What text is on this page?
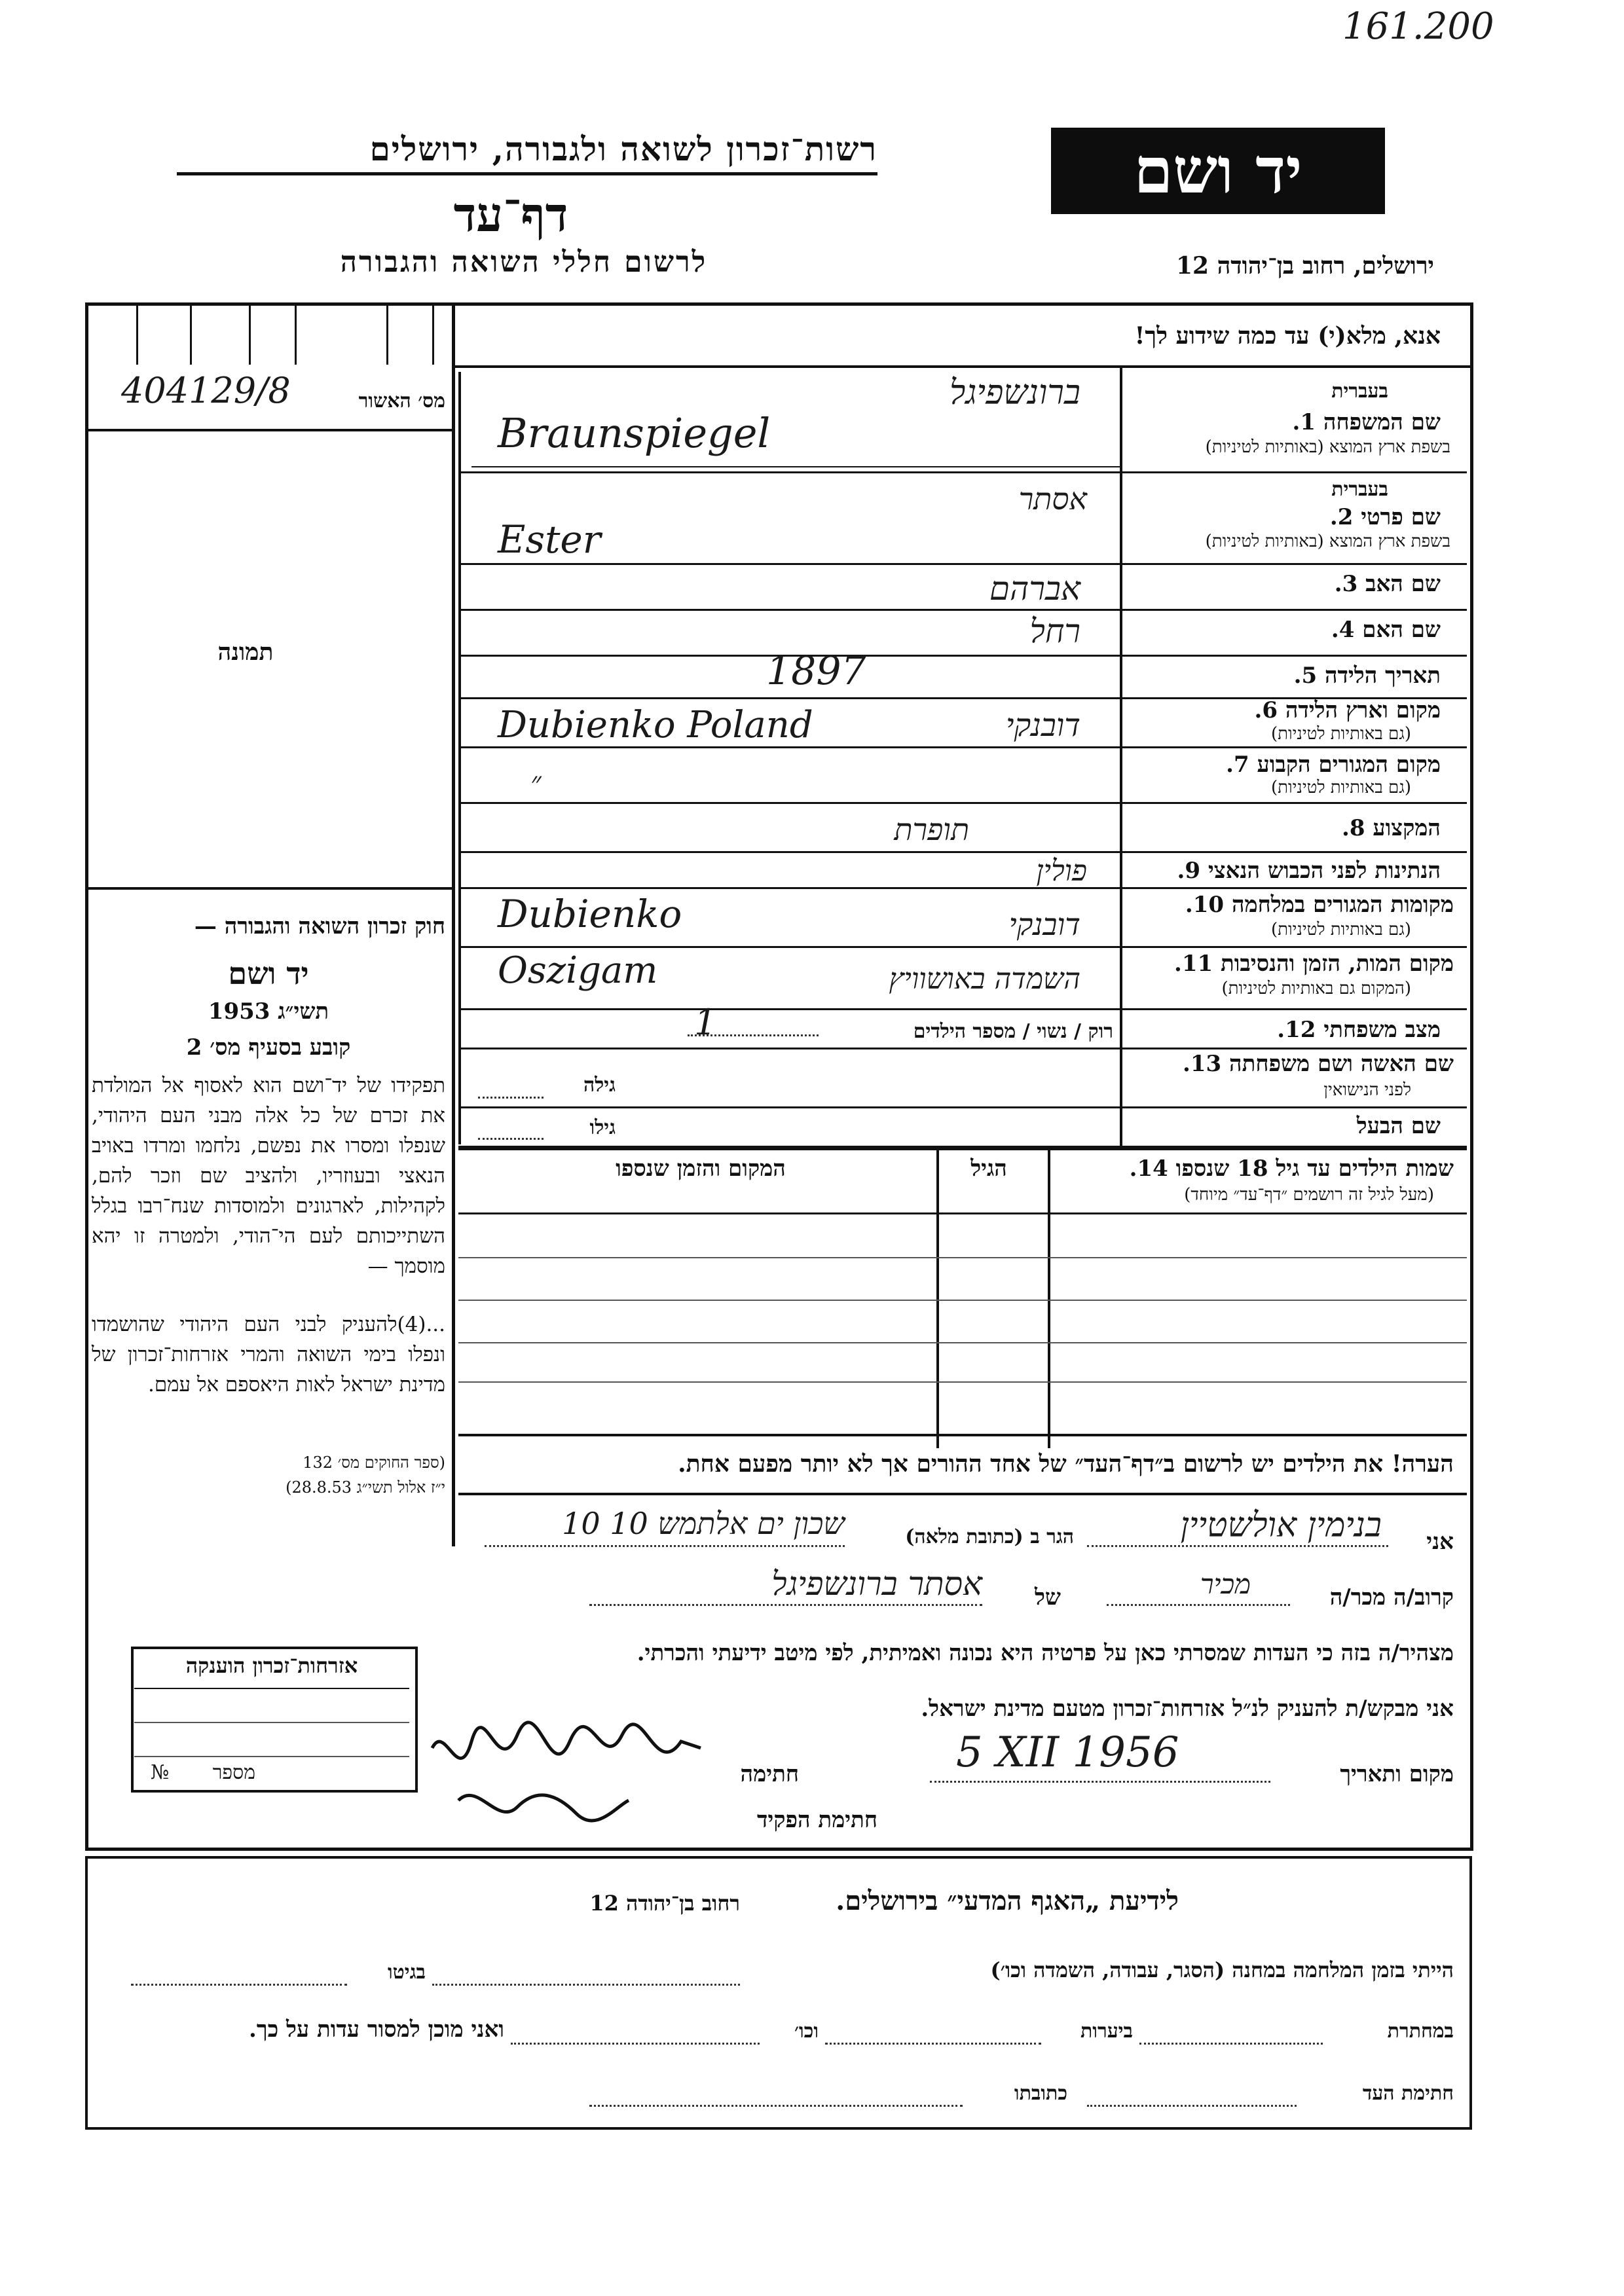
161.200
רשות־זכרון לשואה ולגבורה, ירושלים
דף־עד
לרשום חללי השואה והגבורה
יד ושם
ירושלים, רחוב בן־יהודה 12
אנא, מלא(י) עד כמה שידוע לך!
מס׳ האשור
404129/8
תמונה
חוק זכרון השואה והגבורה —
יד ושם
תשי״ג 1953
קובע בסעיף מס׳ 2
תפקידו של יד־ושם הוא לאסוף אל המולדת את זכרם של כל אלה מבני העם היהודי, שנפלו ומסרו את נפשם, נלחמו ומרדו באויב הנאצי ובעוזריו, ולהציב שם וזכר להם, לקהילות, לארגונים ולמוסדות שנח־רבו בגלל השתייכותם לעם הי־הודי, ולמטרה זו יהא מוסמך —
...(4)להעניק לבני העם היהודי שהושמדו ונפלו בימי השואה והמרי אזרחות־זכרון של מדינת ישראל לאות היאספם אל עמם.
(ספר החוקים מס׳ 132
י״ז אלול תשי״ג 28.8.53)
בעברית
שם המשפחה 1.
בשפת ארץ המוצא (באותיות לטיניות)
ברונשפיגל
Braunspiegel
בעברית
שם פרטי 2.
בשפת ארץ המוצא (באותיות לטיניות)
אסתר
Ester
שם האב 3.
אברהם
שם האם 4.
רחל
תאריך הלידה 5.
1897
מקום וארץ הלידה 6.
(גם באותיות לטיניות)
Dubienko Poland	דובנקי
מקום המגורים הקבוע 7.
(גם באותיות לטיניות)
״
המקצוע 8.
תופרת
הנתינות לפני הכבוש הנאצי 9.
פולין
מקומות המגורים במלחמה 10.
(גם באותיות לטיניות)
Dubienko	דובנקי
מקום המות, הזמן והנסיבות 11.
(המקום גם באותיות לטיניות)
Oszigam	השמדה באושוויץ
מצב משפחתי 12.
רוק / נשוי / מספר הילדים
1
שם האשה ושם משפחתה 13.
לפני הנישואין
גילה
שם הבעל
גילו
שמות הילדים עד גיל 18 שנספו 14.
(מעל לגיל זה רושמים ״דף־עד״ מיוחד)
הגיל
המקום והזמן שנספו
הערה! את הילדים יש לרשום ב״דף־העד״ של אחד ההורים אך לא יותר מפעם אחת.
אני
בנימין אולשטיין
הגר ב (כתובת מלאה)
שכון ים אלתמש 10 10
קרוב/ה מכר/ה
מכיר
של
אסתר ברונשפיגל
מצהיר/ה בזה כי העדות שמסרתי כאן על פרטיה היא נכונה ואמיתית, לפי מיטב ידיעתי והכרתי.
אני מבקש/ת להעניק לנ״ל אזרחות־זכרון מטעם מדינת ישראל.
מקום ותאריך
5 XII 1956
חתימה
חתימת הפקיד
אזרחות־זכרון הוענקה
מספר
№
לידיעת „האגף המדעי״ בירושלים.
רחוב בן־יהודה 12
הייתי בזמן המלחמה במחנה (הסגר, עבודה, השמדה וכו׳)
בגיטו
במחתרת
ביערות
וכו׳
ואני מוכן למסור עדות על כך.
חתימת העד
כתובתו
